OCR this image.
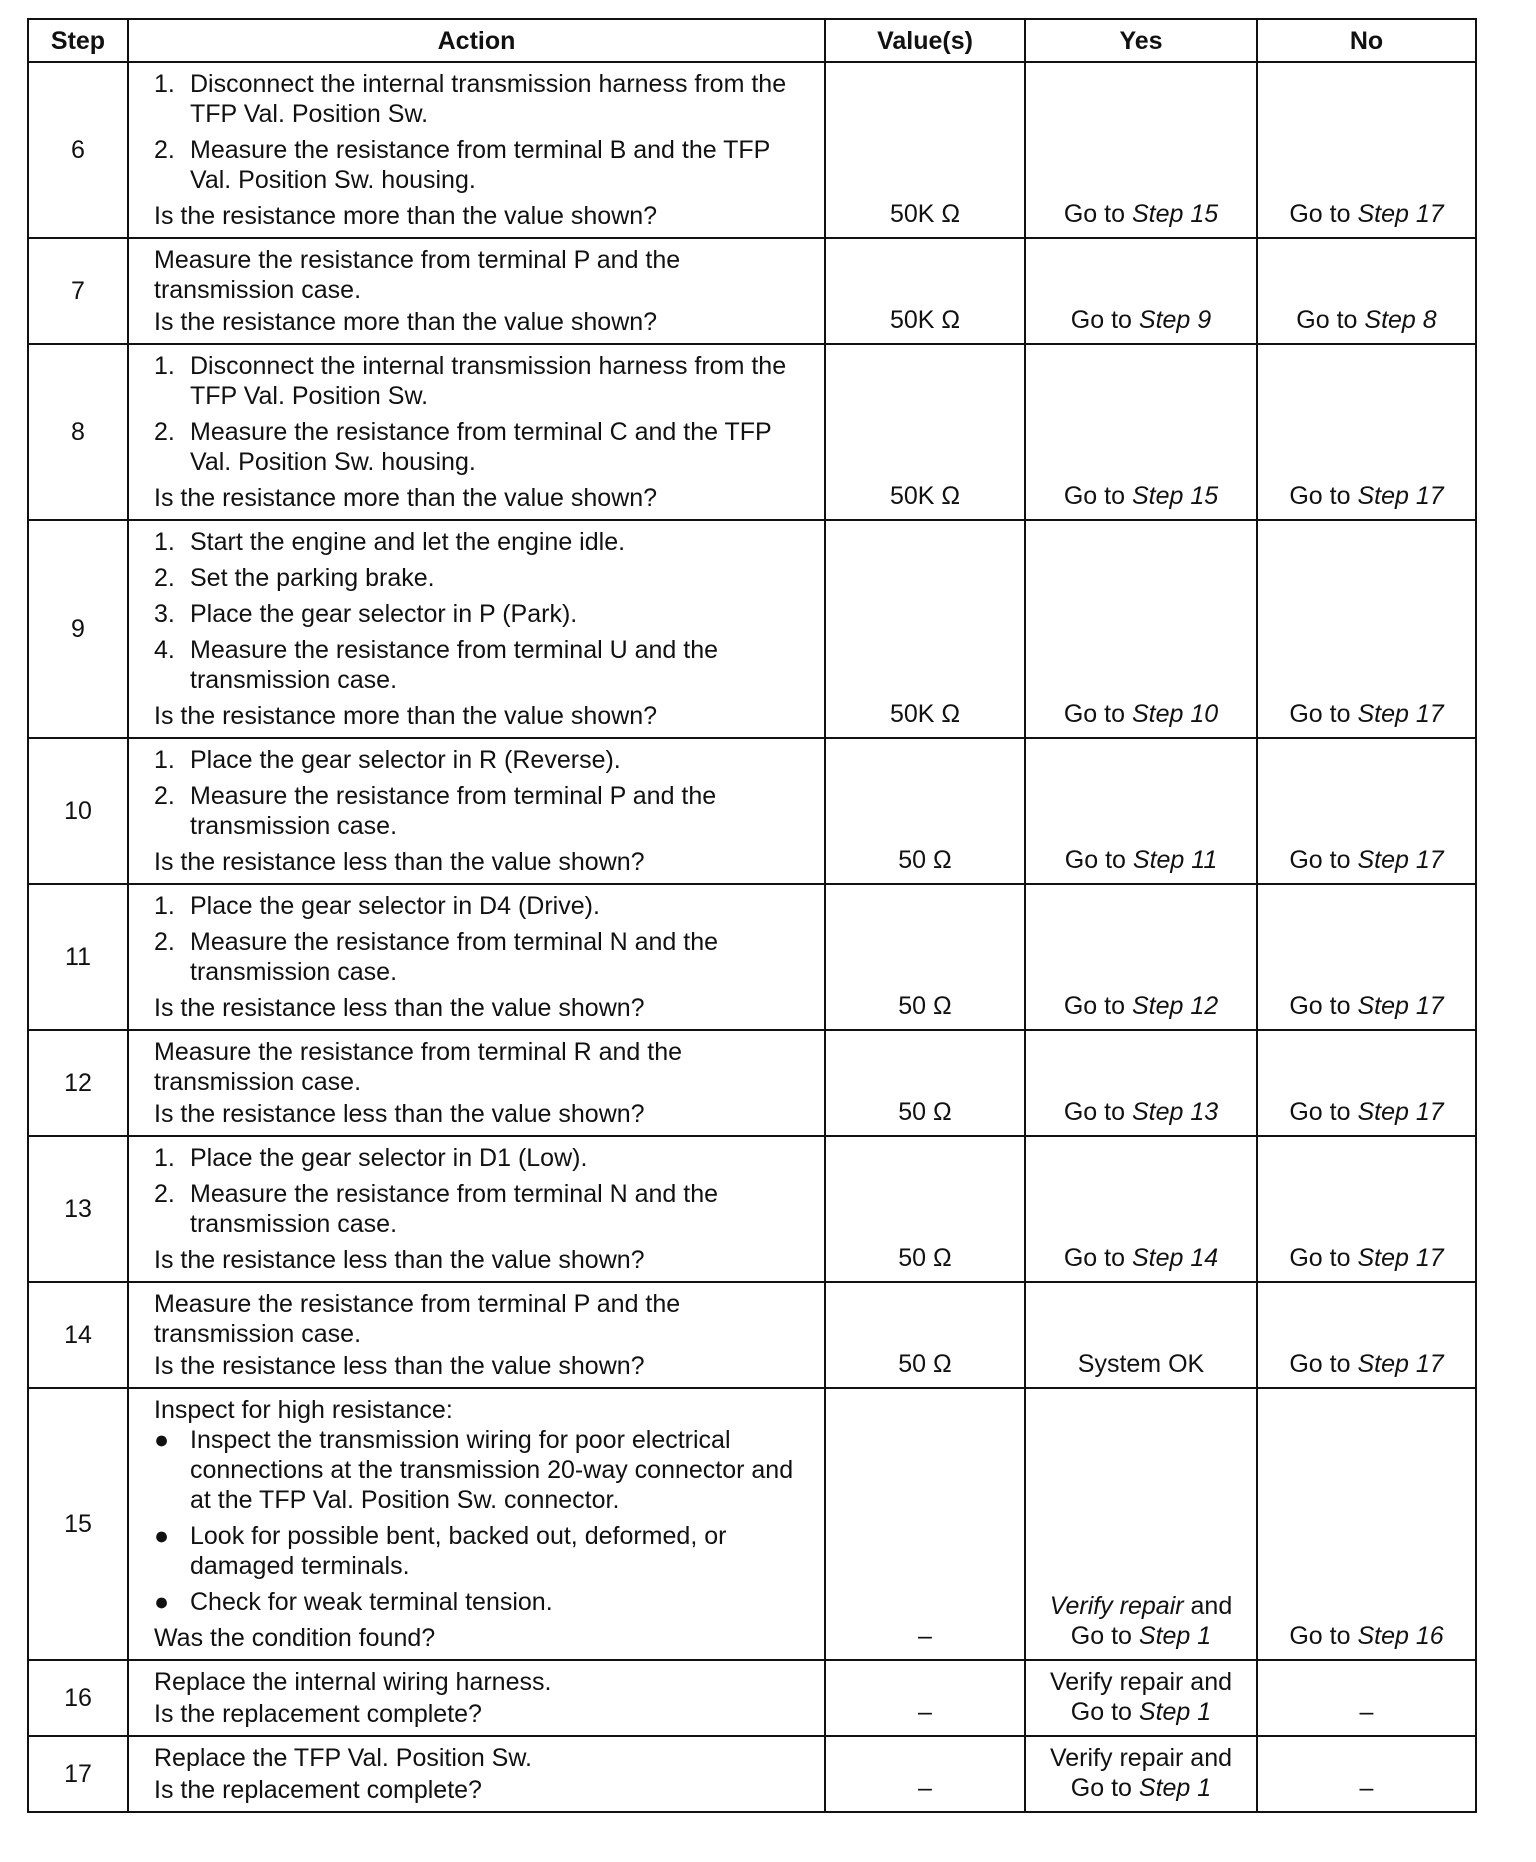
Step	Action	Value(s)	Yes	No
6	1. Disconnect the internal transmission harness from the TFP Val. Position Sw.
2. Measure the resistance from terminal B and the TFP Val. Position Sw. housing.
Is the resistance more than the value shown?	50K Ω	Go to Step 15	Go to Step 17
7	Measure the resistance from terminal P and the transmission case.
Is the resistance more than the value shown?	50K Ω	Go to Step 9	Go to Step 8
8	1. Disconnect the internal transmission harness from the TFP Val. Position Sw.
2. Measure the resistance from terminal C and the TFP Val. Position Sw. housing.
Is the resistance more than the value shown?	50K Ω	Go to Step 15	Go to Step 17
9	1. Start the engine and let the engine idle.
2. Set the parking brake.
3. Place the gear selector in P (Park).
4. Measure the resistance from terminal U and the transmission case.
Is the resistance more than the value shown?	50K Ω	Go to Step 10	Go to Step 17
10	1. Place the gear selector in R (Reverse).
2. Measure the resistance from terminal P and the transmission case.
Is the resistance less than the value shown?	50 Ω	Go to Step 11	Go to Step 17
11	1. Place the gear selector in D4 (Drive).
2. Measure the resistance from terminal N and the transmission case.
Is the resistance less than the value shown?	50 Ω	Go to Step 12	Go to Step 17
12	Measure the resistance from terminal R and the transmission case.
Is the resistance less than the value shown?	50 Ω	Go to Step 13	Go to Step 17
13	1. Place the gear selector in D1 (Low).
2. Measure the resistance from terminal N and the transmission case.
Is the resistance less than the value shown?	50 Ω	Go to Step 14	Go to Step 17
14	Measure the resistance from terminal P and the transmission case.
Is the resistance less than the value shown?	50 Ω	System OK	Go to Step 17
15	Inspect for high resistance:
● Inspect the transmission wiring for poor electrical connections at the transmission 20-way connector and at the TFP Val. Position Sw. connector.
● Look for possible bent, backed out, deformed, or damaged terminals.
● Check for weak terminal tension.
Was the condition found?	–	Verify repair and
Go to Step 1	Go to Step 16
16	Replace the internal wiring harness.
Is the replacement complete?	–	Verify repair and
Go to Step 1	–
17	Replace the TFP Val. Position Sw.
Is the replacement complete?	–	Verify repair and
Go to Step 1	–
